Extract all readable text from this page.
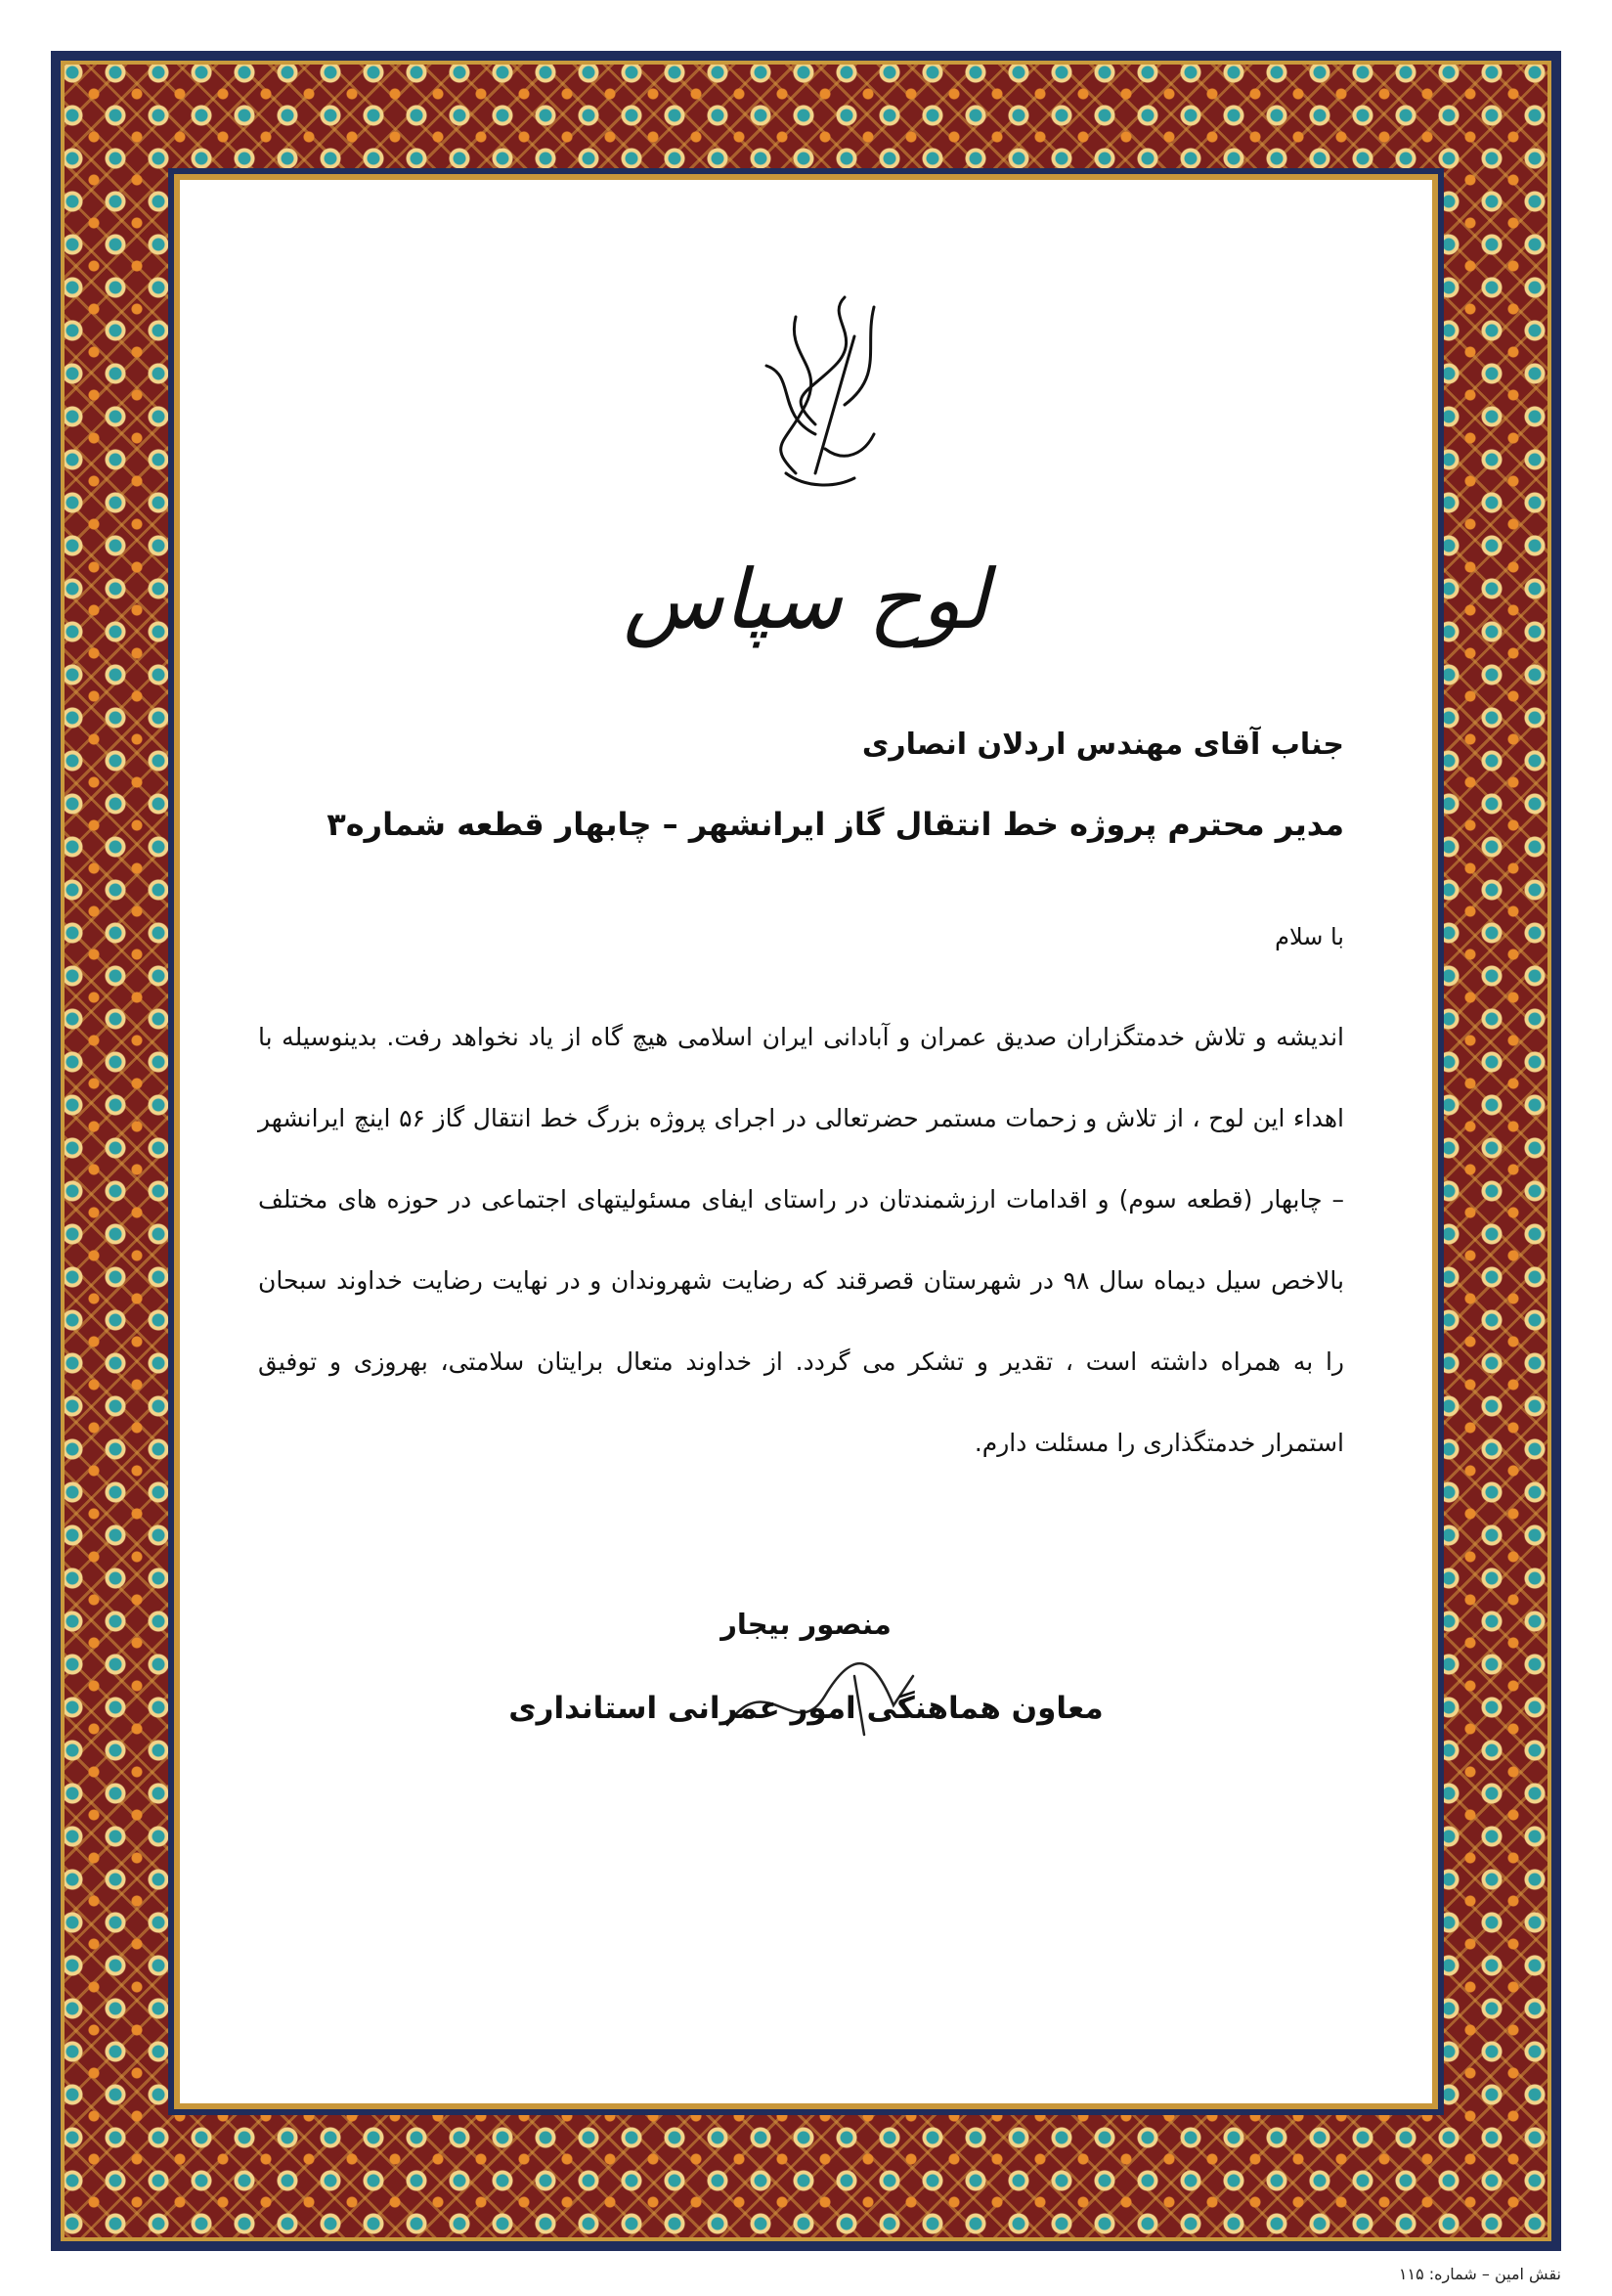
لوح سپاس
جناب آقای مهندس اردلان انصاری
مدیر محترم پروژه خط انتقال گاز ایرانشهر – چابهار قطعه شماره۳
با سلام
اندیشه و تلاش خدمتگزاران صدیق عمران و آبادانی ایران اسلامی هیچ گاه از یاد نخواهد رفت. بدینوسیله با اهداء این لوح ، از تلاش و زحمات مستمر حضرتعالی در اجرای پروژه بزرگ خط انتقال گاز ۵۶ اینچ ایرانشهر – چابهار (قطعه سوم) و اقدامات ارزشمندتان در راستای ایفای مسئولیتهای اجتماعی در حوزه های مختلف بالاخص سیل دیماه سال ۹۸ در شهرستان قصرقند که رضایت شهروندان و در نهایت رضایت خداوند سبحان را به همراه داشته است ، تقدیر و تشکر می گردد. از خداوند متعال برایتان سلامتی، بهروزی و توفیق استمرار خدمتگذاری را مسئلت دارم.
منصور بیجار
معاون هماهنگی امور عمرانی استانداری
نقش امین – شماره: ۱۱۵
